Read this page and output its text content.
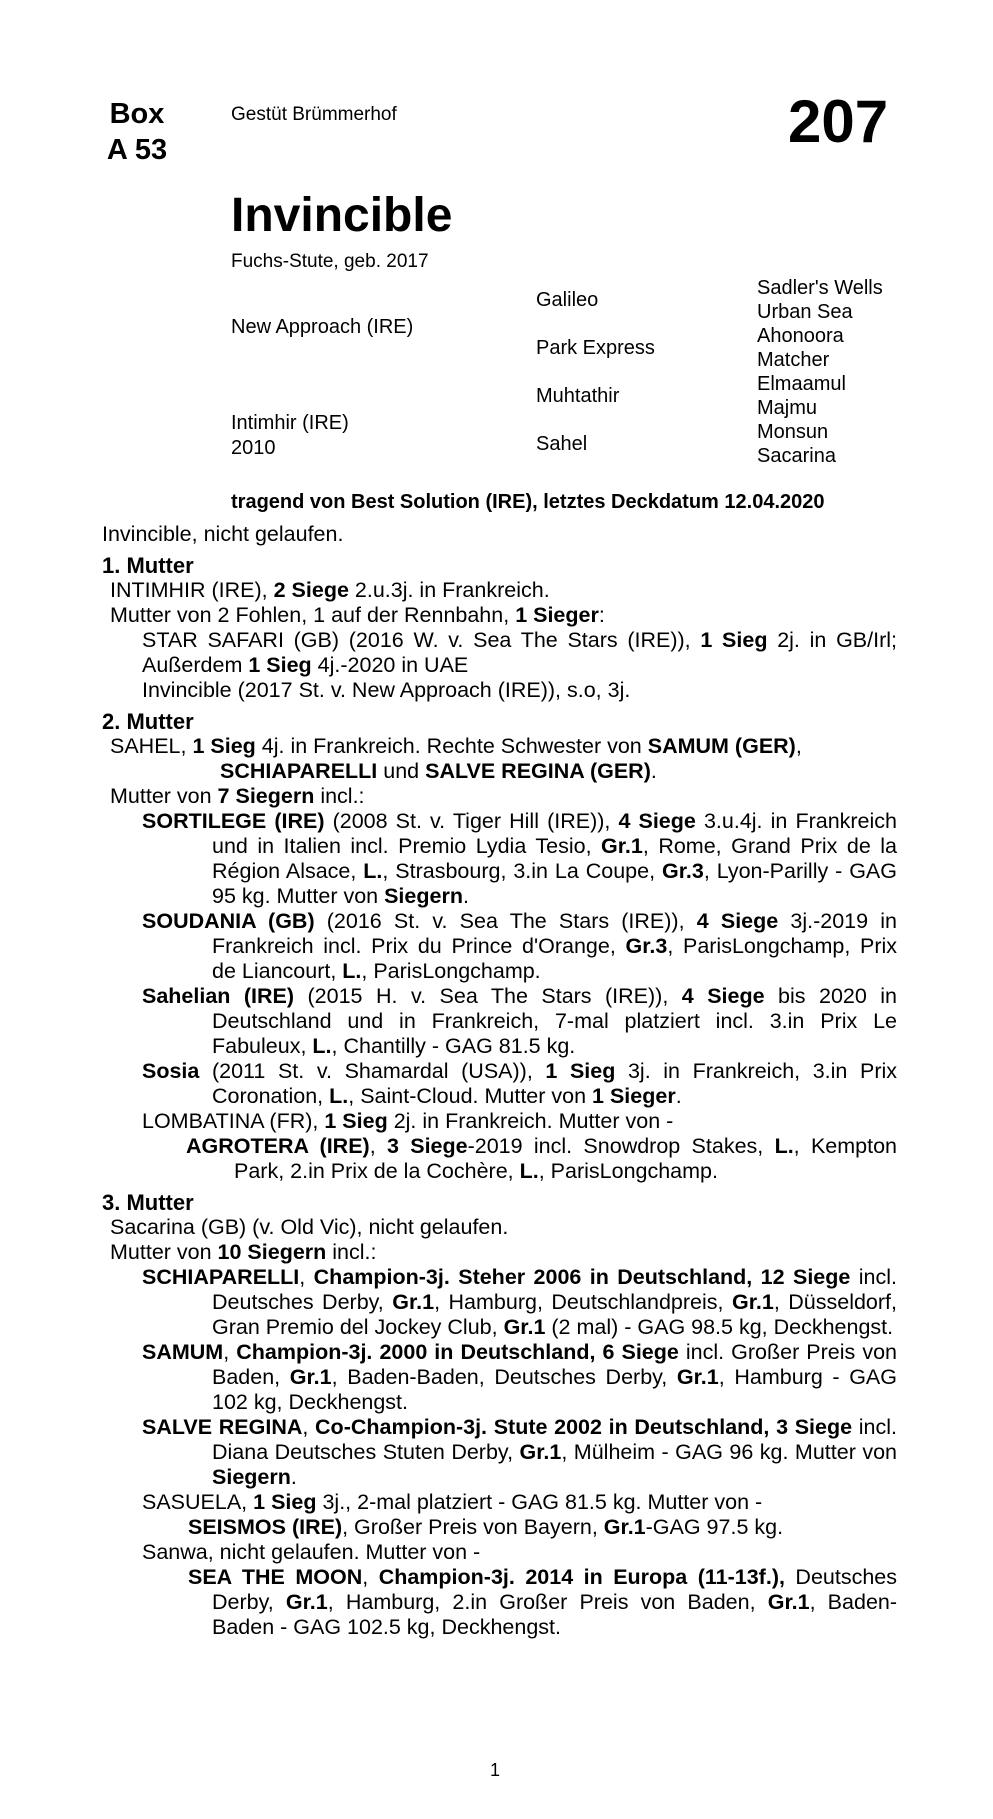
Box
A 53
Gestüt Brümmerhof	207
Invincible
Fuchs-Stute, geb. 2017
New Approach (IRE)
Intimhir (IRE)
2010
Galileo
Park Express
Muhtathir
Sahel
Sadler's Wells
Urban Sea
Ahonoora
Matcher
Elmaamul
Majmu
Monsun
Sacarina
tragend von Best Solution (IRE), letztes Deckdatum 12.04.2020

Invincible, nicht gelaufen.

1. Mutter

INTIMHIR (IRE), 2 Siege 2.u.3j. in Frankreich.

Mutter von 2 Fohlen, 1 auf der Rennbahn, 1 Sieger:

STAR SAFARI (GB) (2016 W. v. Sea The Stars (IRE)), 1 Sieg 2j. in GB/Irl; Außerdem 1 Sieg 4j.-2020 in UAE

Invincible (2017 St. v. New Approach (IRE)), s.o, 3j.

2. Mutter

SAHEL, 1 Sieg 4j. in Frankreich. Rechte Schwester von SAMUM (GER), SCHIAPARELLI und SALVE REGINA (GER).

Mutter von 7 Siegern incl.:

SORTILEGE (IRE) (2008 St. v. Tiger Hill (IRE)), 4 Siege 3.u.4j. in Frankreich und in Italien incl. Premio Lydia Tesio, Gr.1, Rome, Grand Prix de la Région Alsace, L., Strasbourg, 3.in La Coupe, Gr.3, Lyon-Parilly - GAG 95 kg. Mutter von Siegern.

SOUDANIA (GB) (2016 St. v. Sea The Stars (IRE)), 4 Siege 3j.-2019 in Frankreich incl. Prix du Prince d'Orange, Gr.3, ParisLongchamp, Prix de Liancourt, L., ParisLongchamp.

Sahelian (IRE) (2015 H. v. Sea The Stars (IRE)), 4 Siege bis 2020 in Deutschland und in Frankreich, 7-mal platziert incl. 3.in Prix Le Fabuleux, L., Chantilly - GAG 81.5 kg.

Sosia (2011 St. v. Shamardal (USA)), 1 Sieg 3j. in Frankreich, 3.in Prix Coronation, L., Saint-Cloud. Mutter von 1 Sieger.

LOMBATINA (FR), 1 Sieg 2j. in Frankreich. Mutter von -

AGROTERA (IRE), 3 Siege-2019 incl. Snowdrop Stakes, L., Kempton Park, 2.in Prix de la Cochère, L., ParisLongchamp.

3. Mutter

Sacarina (GB) (v. Old Vic), nicht gelaufen.

Mutter von 10 Siegern incl.:

SCHIAPARELLI, Champion-3j. Steher 2006 in Deutschland, 12 Siege incl. Deutsches Derby, Gr.1, Hamburg, Deutschlandpreis, Gr.1, Düsseldorf, Gran Premio del Jockey Club, Gr.1 (2 mal) - GAG 98.5 kg, Deckhengst.

SAMUM, Champion-3j. 2000 in Deutschland, 6 Siege incl. Großer Preis von Baden, Gr.1, Baden-Baden, Deutsches Derby, Gr.1, Hamburg - GAG 102 kg, Deckhengst.

SALVE REGINA, Co-Champion-3j. Stute 2002 in Deutschland, 3 Siege incl. Diana Deutsches Stuten Derby, Gr.1, Mülheim - GAG 96 kg. Mutter von Siegern.

SASUELA, 1 Sieg 3j., 2-mal platziert - GAG 81.5 kg. Mutter von -

SEISMOS (IRE), Großer Preis von Bayern, Gr.1-GAG 97.5 kg.

Sanwa, nicht gelaufen. Mutter von -

SEA THE MOON, Champion-3j. 2014 in Europa (11-13f.), Deutsches Derby, Gr.1, Hamburg, 2.in Großer Preis von Baden, Gr.1, Baden-Baden - GAG 102.5 kg, Deckhengst.

1
